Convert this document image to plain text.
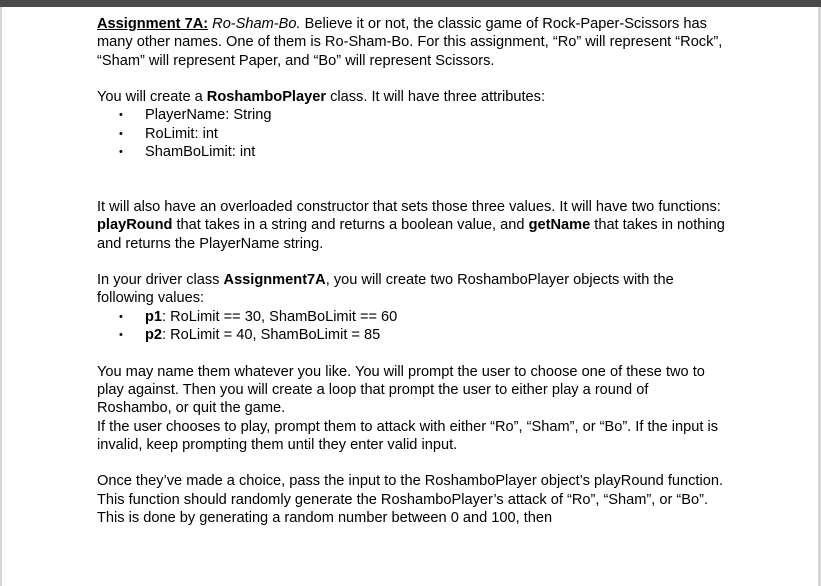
Assignment 7A: Ro-Sham-Bo. Believe it or not, the classic game of Rock-Paper-Scissors has many other names. One of them is Ro-Sham-Bo. For this assignment, “Ro” will represent “Rock”, “Sham” will represent Paper, and “Bo” will represent Scissors.

You will create a RoshamboPlayer class. It will have three attributes:

• PlayerName: String
• RoLimit: int
• ShamBoLimit: int

It will also have an overloaded constructor that sets those three values. It will have two functions: playRound that takes in a string and returns a boolean value, and getName that takes in nothing and returns the PlayerName string.

In your driver class Assignment7A, you will create two RoshamboPlayer objects with the following values:

• p1: RoLimit == 30, ShamBoLimit == 60
• p2: RoLimit = 40, ShamBoLimit = 85

You may name them whatever you like. You will prompt the user to choose one of these two to play against. Then you will create a loop that prompt the user to either play a round of Roshambo, or quit the game.

If the user chooses to play, prompt them to attack with either “Ro”, “Sham”, or “Bo”. If the input is invalid, keep prompting them until they enter valid input.

Once they’ve made a choice, pass the input to the RoshamboPlayer object’s playRound function. This function should randomly generate the RoshamboPlayer’s attack of “Ro”, “Sham”, or “Bo”. This is done by generating a random number between 0 and 100, then
